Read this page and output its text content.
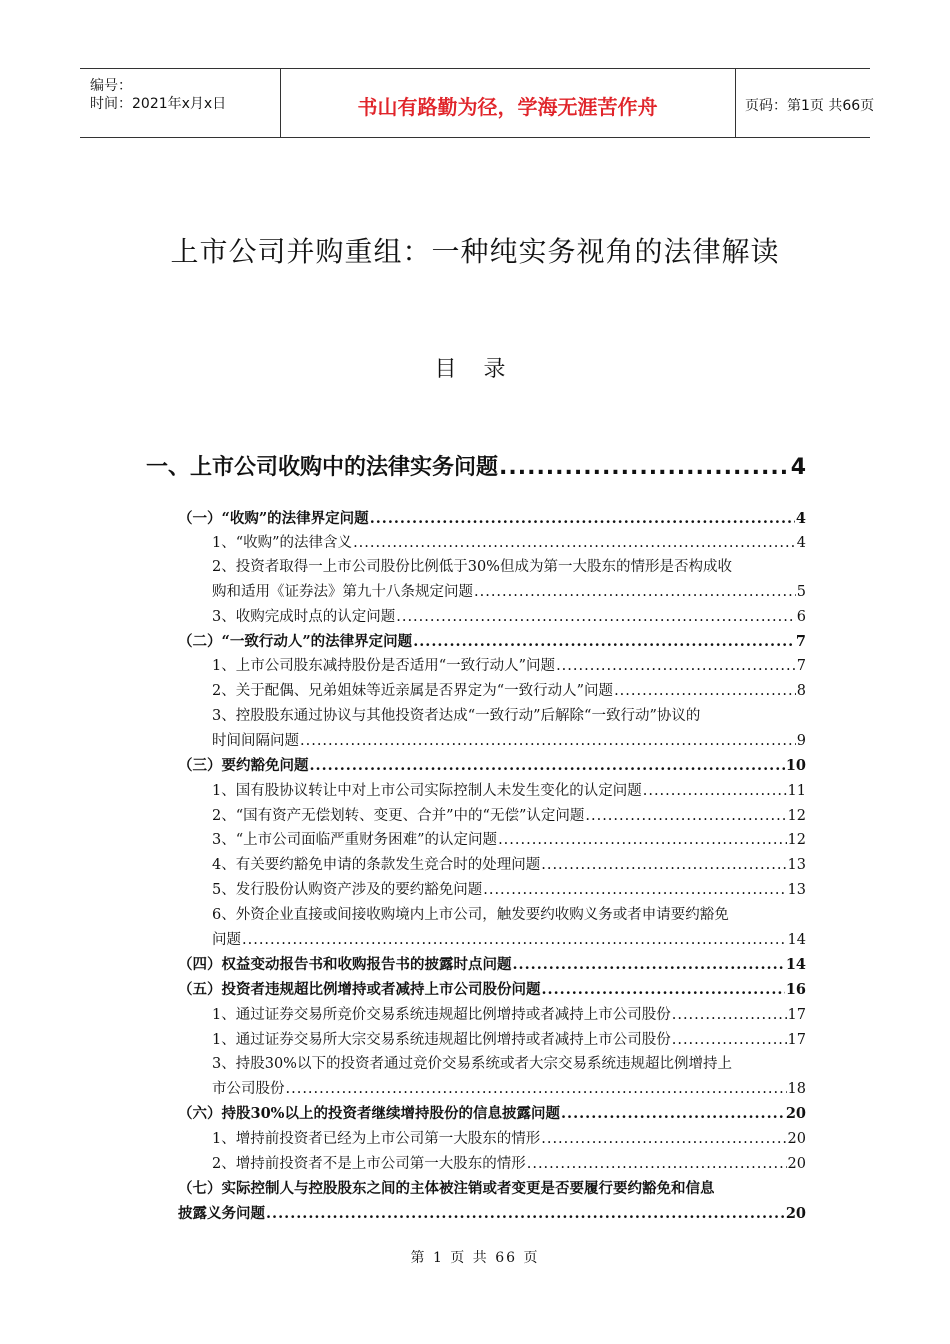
编号：
时间：2021年x月x日	书山有路勤为径，学海无涯苦作舟	页码：第1页 共66页
上市公司并购重组：一种纯实务视角的法律解读
目 录
一、上市公司收购中的法律实务问题 .....	4
（一）“收购”的法律界定问题 .....	4
1、“收购”的法律含义 .....	4
2、投资者取得一上市公司股份比例低于30%但成为第一大股东的情形是否构成收
购和适用《证券法》第九十八条规定问题 .....	5
3、收购完成时点的认定问题 .....	6
（二）“一致行动人”的法律界定问题 .....	7
1、上市公司股东减持股份是否适用“一致行动人”问题 .....	7
2、关于配偶、兄弟姐妹等近亲属是否界定为“一致行动人”问题 .....	8
3、控股股东通过协议与其他投资者达成“一致行动”后解除“一致行动”协议的
时间间隔问题 .....	9
（三）要约豁免问题 .....	10
1、国有股协议转让中对上市公司实际控制人未发生变化的认定问题 .....	11
2、“国有资产无偿划转、变更、合并”中的“无偿”认定问题 .....	12
3、“上市公司面临严重财务困难”的认定问题 .....	12
4、有关要约豁免申请的条款发生竞合时的处理问题 .....	13
5、发行股份认购资产涉及的要约豁免问题 .....	13
6、外资企业直接或间接收购境内上市公司，触发要约收购义务或者申请要约豁免
问题 .....	14
（四）权益变动报告书和收购报告书的披露时点问题 .....	14
（五）投资者违规超比例增持或者减持上市公司股份问题 .....	16
1、通过证券交易所竞价交易系统违规超比例增持或者减持上市公司股份 .....	17
1、通过证券交易所大宗交易系统违规超比例增持或者减持上市公司股份 .....	17
3、持股30%以下的投资者通过竞价交易系统或者大宗交易系统违规超比例增持上
市公司股份 .....	18
（六）持股30%以上的投资者继续增持股份的信息披露问题 .....	20
1、增持前投资者已经为上市公司第一大股东的情形 .....	20
2、增持前投资者不是上市公司第一大股东的情形 .....	20
（七）实际控制人与控股股东之间的主体被注销或者变更是否要履行要约豁免和信息
披露义务问题 .....	20
第 1 页 共 66 页
